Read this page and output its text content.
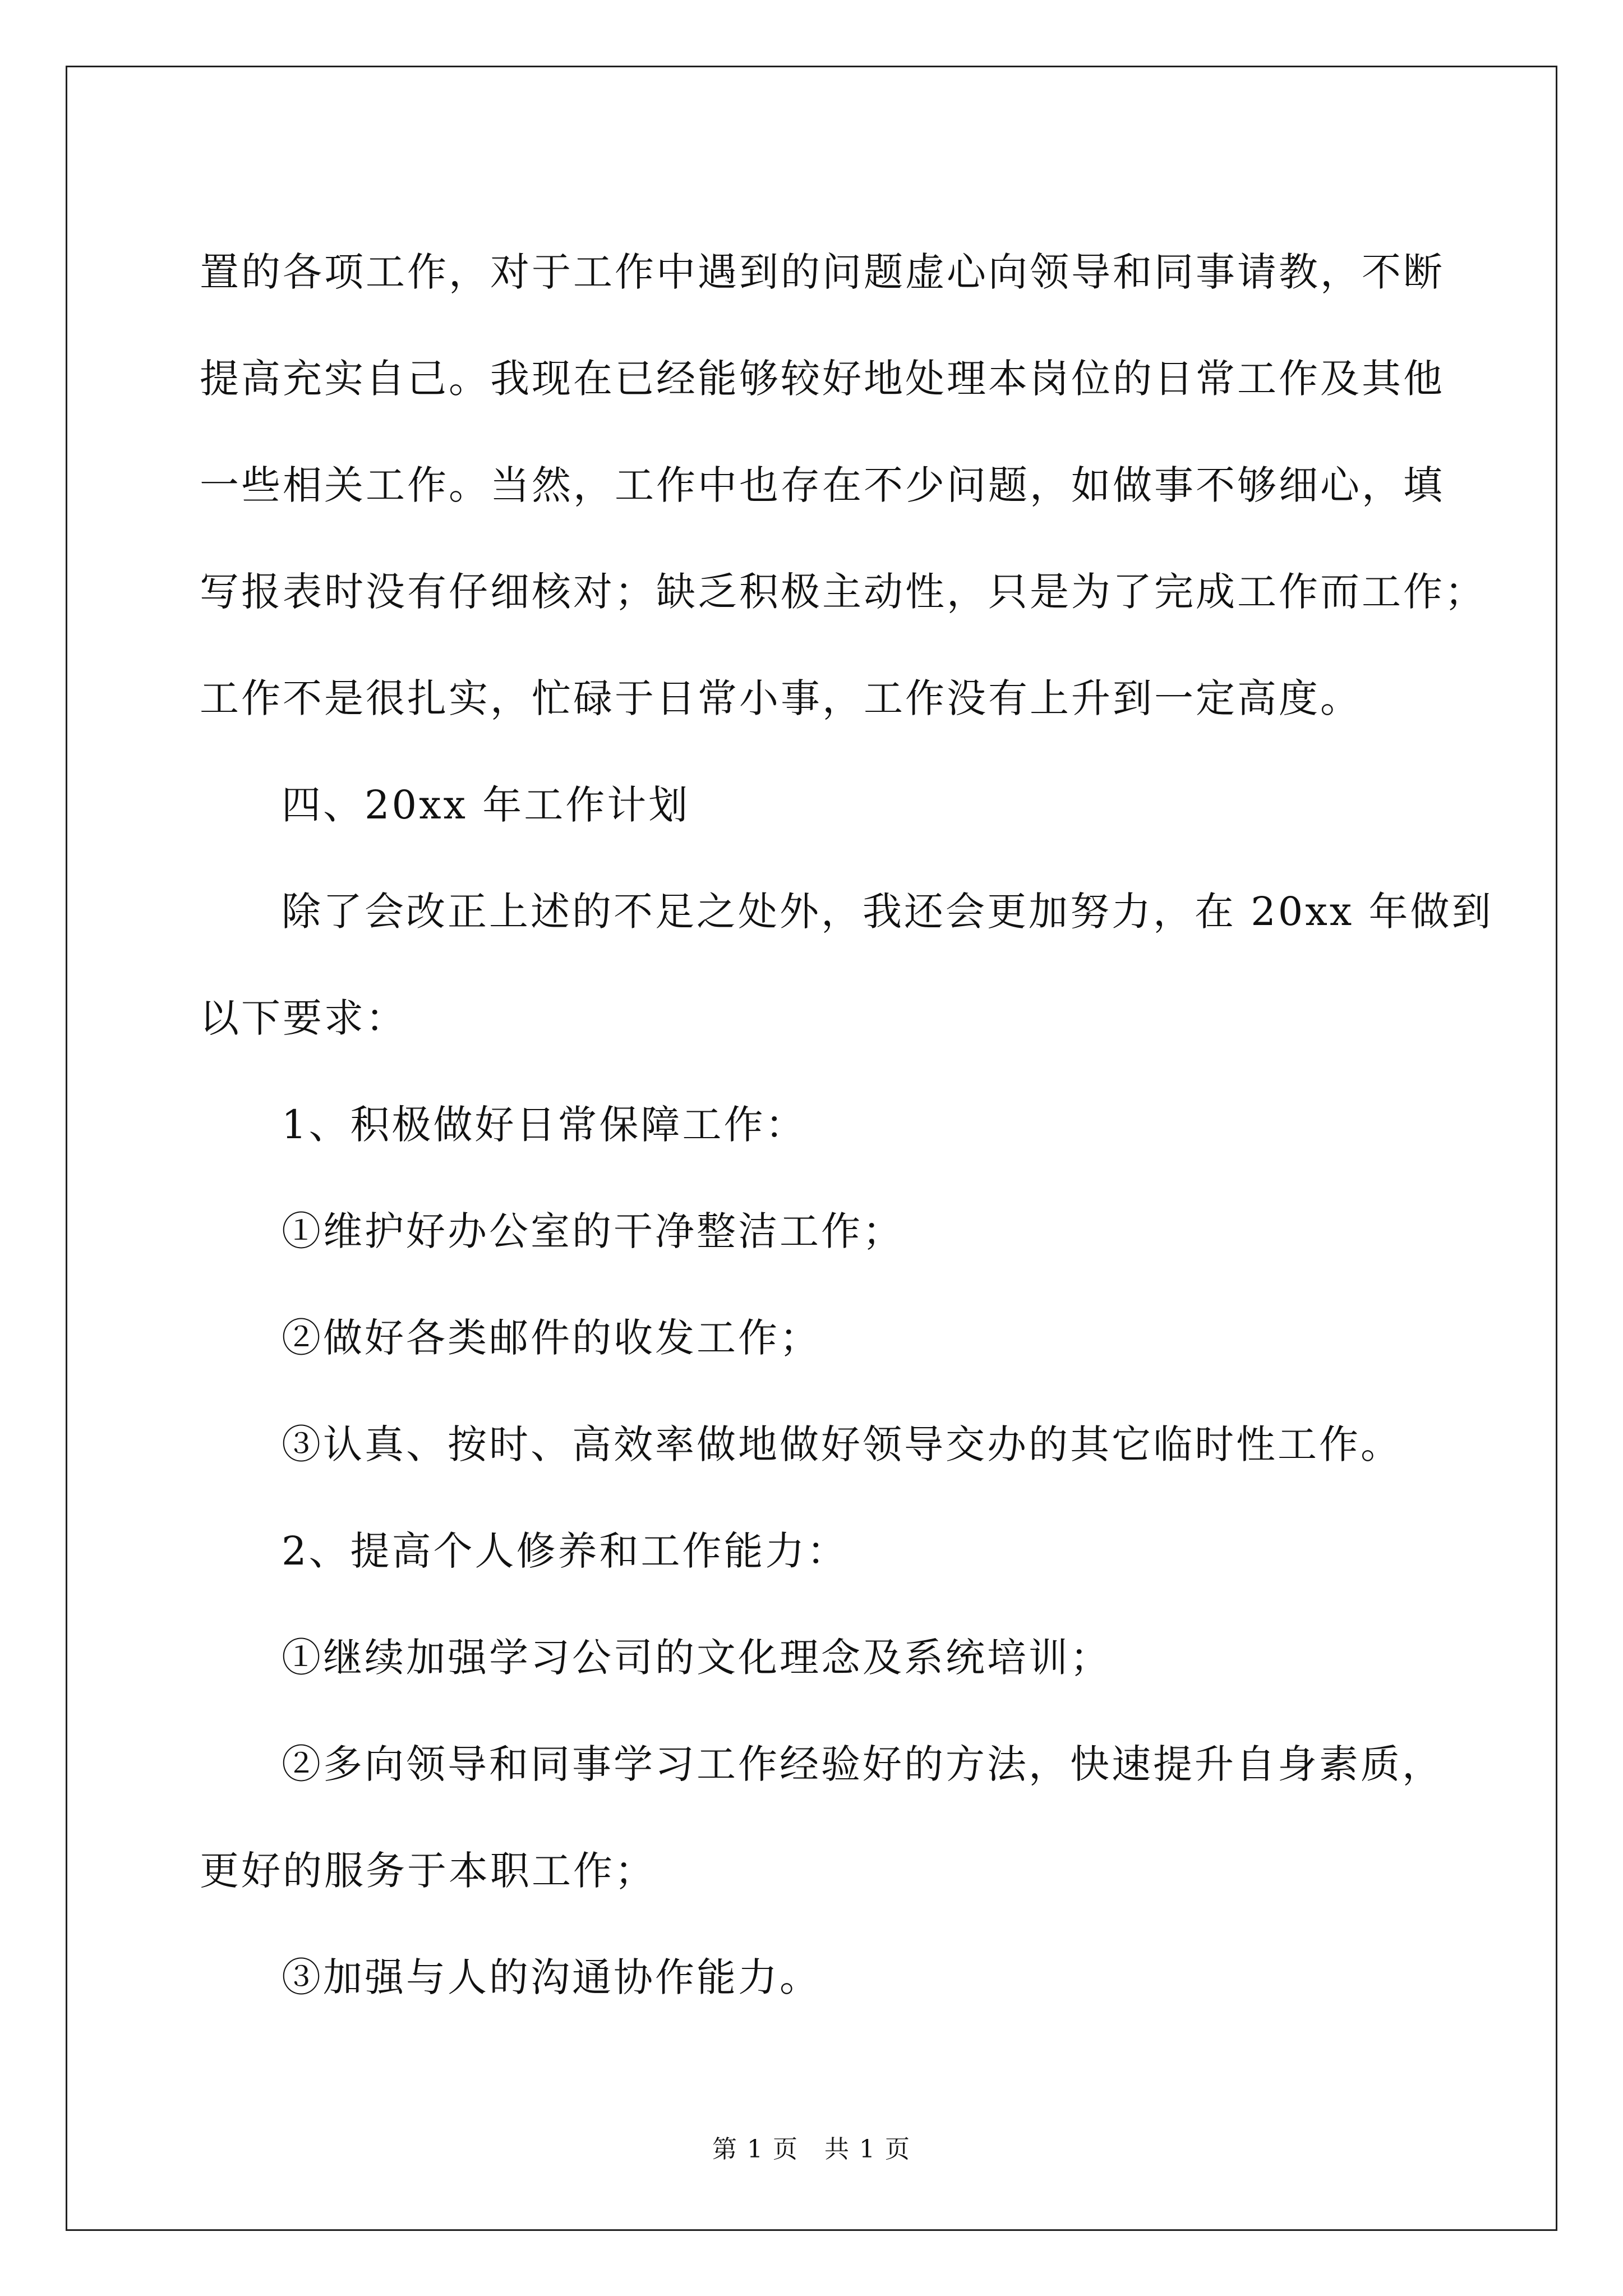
置的各项工作，对于工作中遇到的问题虚心向领导和同事请教，不断
提高充实自己。我现在已经能够较好地处理本岗位的日常工作及其他
一些相关工作。当然，工作中也存在不少问题，如做事不够细心，填
写报表时没有仔细核对；缺乏积极主动性，只是为了完成工作而工作；
工作不是很扎实，忙碌于日常小事，工作没有上升到一定高度。
四、20xx 年工作计划
除了会改正上述的不足之处外，我还会更加努力，在 20xx 年做到
以下要求：
1、积极做好日常保障工作：
①维护好办公室的干净整洁工作；
②做好各类邮件的收发工作；
③认真、按时、高效率做地做好领导交办的其它临时性工作。
2、提高个人修养和工作能力：
①继续加强学习公司的文化理念及系统培训；
②多向领导和同事学习工作经验好的方法，快速提升自身素质，
更好的服务于本职工作；
③加强与人的沟通协作能力。
第 1 页 共 1 页
